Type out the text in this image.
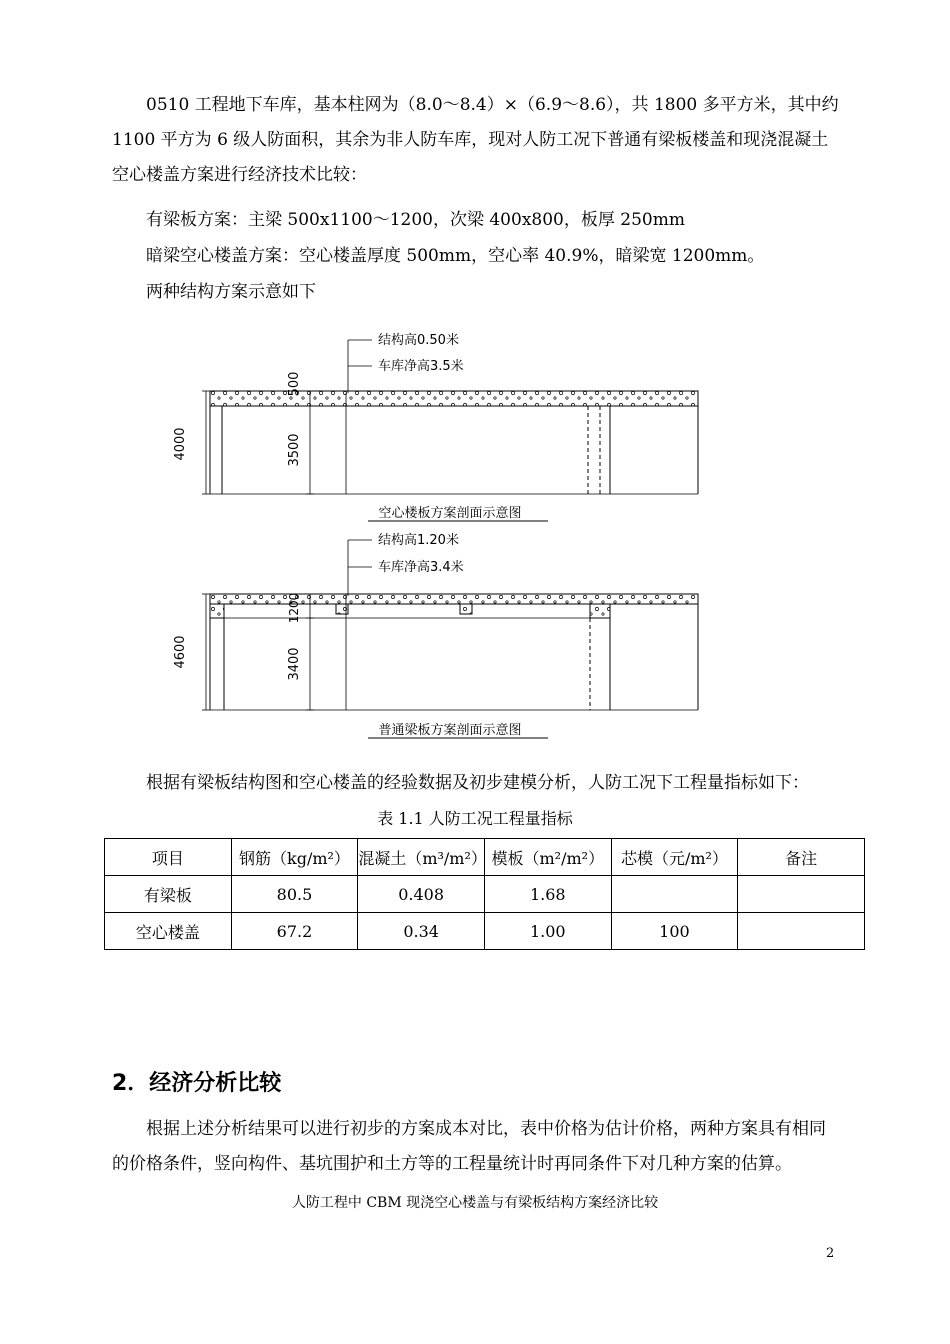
0510 工程地下车库，基本柱网为（8.0～8.4）×（6.9～8.6），共 1800 多平方米，其中约 1100 平方为 6 级人防面积，其余为非人防车库，现对人防工况下普通有梁板楼盖和现浇混凝土空心楼盖方案进行经济技术比较：

有梁板方案：主梁 500x1100～1200，次梁 400x800，板厚 250mm

暗梁空心楼盖方案：空心楼盖厚度 500mm，空心率 40.9%，暗梁宽 1200mm。

两种结构方案示意如下

结构高0.50米
车库净高3.5米
4000
500
3500
空心楼板方案剖面示意图
结构高1.20米
车库净高3.4米
4600
1200
3400
普通梁板方案剖面示意图

根据有梁板结构图和空心楼盖的经验数据及初步建模分析，人防工况下工程量指标如下：

表 1.1 人防工况工程量指标
项目	钢筋（kg/m²）	混凝土（m³/m²）	模板（m²/m²）	芯模（元/m²）	备注
有梁板	80.5	0.408	1.68		
空心楼盖	67.2	0.34	1.00	100	
2．经济分析比较

根据上述分析结果可以进行初步的方案成本对比，表中价格为估计价格，两种方案具有相同的价格条件，竖向构件、基坑围护和土方等的工程量统计时再同条件下对几种方案的估算。

人防工程中 CBM 现浇空心楼盖与有梁板结构方案经济比较
2
